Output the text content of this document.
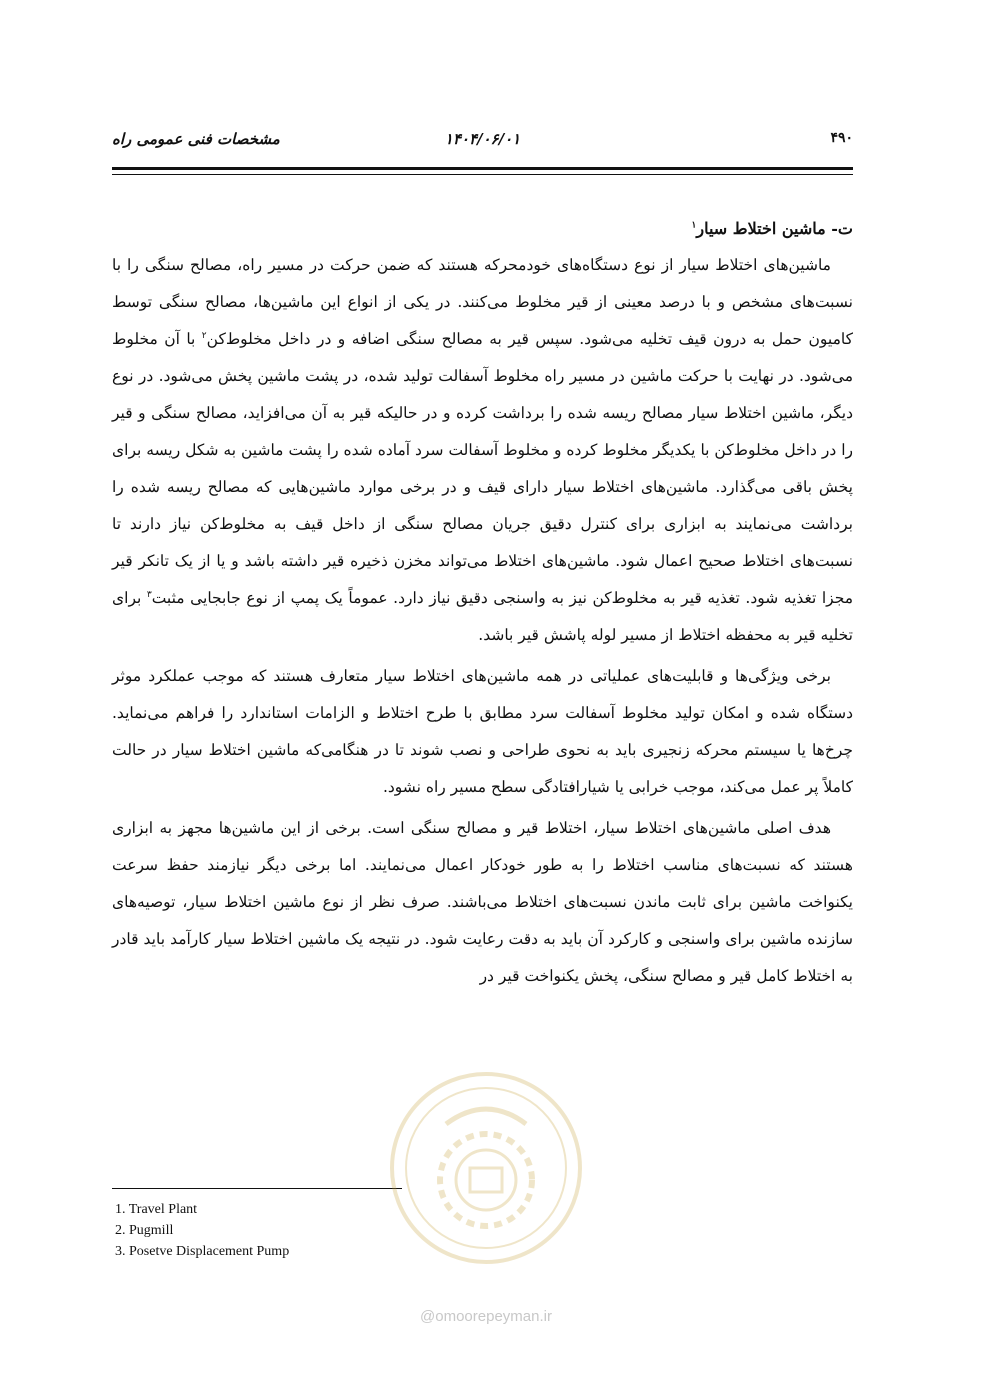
۴۹۰
۱۴۰۴/۰۶/۰۱
مشخصات فنی عمومی راه

ت- ماشین اختلاط سیار$^۱$

ماشین‌های اختلاط سیار از نوع دستگاه‌های خودمحرکه هستند که ضمن حرکت در مسیر راه، مصالح سنگی را با نسبت‌های مشخص و با درصد معینی از قیر مخلوط می‌کنند. در یکی از انواع این ماشین‌ها، مصالح سنگی توسط کامیون حمل به درون قیف تخلیه می‌شود. سپس قیر به مصالح سنگی اضافه و در داخل مخلوط‌کن$^۲$ با آن مخلوط می‌شود. در نهایت با حرکت ماشین در مسیر راه مخلوط آسفالت تولید شده، در پشت ماشین پخش می‌شود. در نوع دیگر، ماشین اختلاط سیار مصالح ریسه شده را برداشت کرده و در حالیکه قیر به آن می‌افزاید، مصالح سنگی و قیر را در داخل مخلوط‌کن با یکدیگر مخلوط کرده و مخلوط آسفالت سرد آماده شده را پشت ماشین به شکل ریسه برای پخش باقی می‌گذارد. ماشین‌های اختلاط سیار دارای قیف و در برخی موارد ماشین‌هایی که مصالح ریسه شده را برداشت می‌نمایند به ابزاری برای کنترل دقیق جریان مصالح سنگی از داخل قیف به مخلوط‌کن نیاز دارند تا نسبت‌های اختلاط صحیح اعمال شود. ماشین‌های اختلاط می‌تواند مخزن ذخیره قیر داشته باشد و یا از یک تانکر قیر مجزا تغذیه شود. تغذیه قیر به مخلوط‌کن نیز به واسنجی دقیق نیاز دارد. عموماً یک پمپ از نوع جابجایی مثبت$^۳$ برای تخلیه قیر به محفظه اختلاط از مسیر لوله پاشش قیر باشد.

برخی ویژگی‌ها و قابلیت‌های عملیاتی در همه ماشین‌های اختلاط سیار متعارف هستند که موجب عملکرد موثر دستگاه شده و امکان تولید مخلوط آسفالت سرد مطابق با طرح اختلاط و الزامات استاندارد را فراهم می‌نماید. چرخ‌ها یا سیستم محرکه زنجیری باید به نحوی طراحی و نصب شوند تا در هنگامی‌که ماشین اختلاط سیار در حالت کاملاً پر عمل می‌کند، موجب خرابی یا شیارافتادگی سطح مسیر راه نشود.

هدف اصلی ماشین‌های اختلاط سیار، اختلاط قیر و مصالح سنگی است. برخی از این ماشین‌ها مجهز به ابزاری هستند که نسبت‌های مناسب اختلاط را به طور خودکار اعمال می‌نمایند. اما برخی دیگر نیازمند حفظ سرعت یکنواخت ماشین برای ثابت ماندن نسبت‌های اختلاط می‌باشند. صرف نظر از نوع ماشین اختلاط سیار، توصیه‌های سازنده ماشین برای واسنجی و کارکرد آن باید به دقت رعایت شود. در نتیجه یک ماشین اختلاط سیار کارآمد باید قادر به اختلاط کامل قیر و مصالح سنگی، پخش یکنواخت قیر در

1. Travel Plant
2. Pugmill
3. Posetve Displacement Pump
@omoorepeyman.ir
